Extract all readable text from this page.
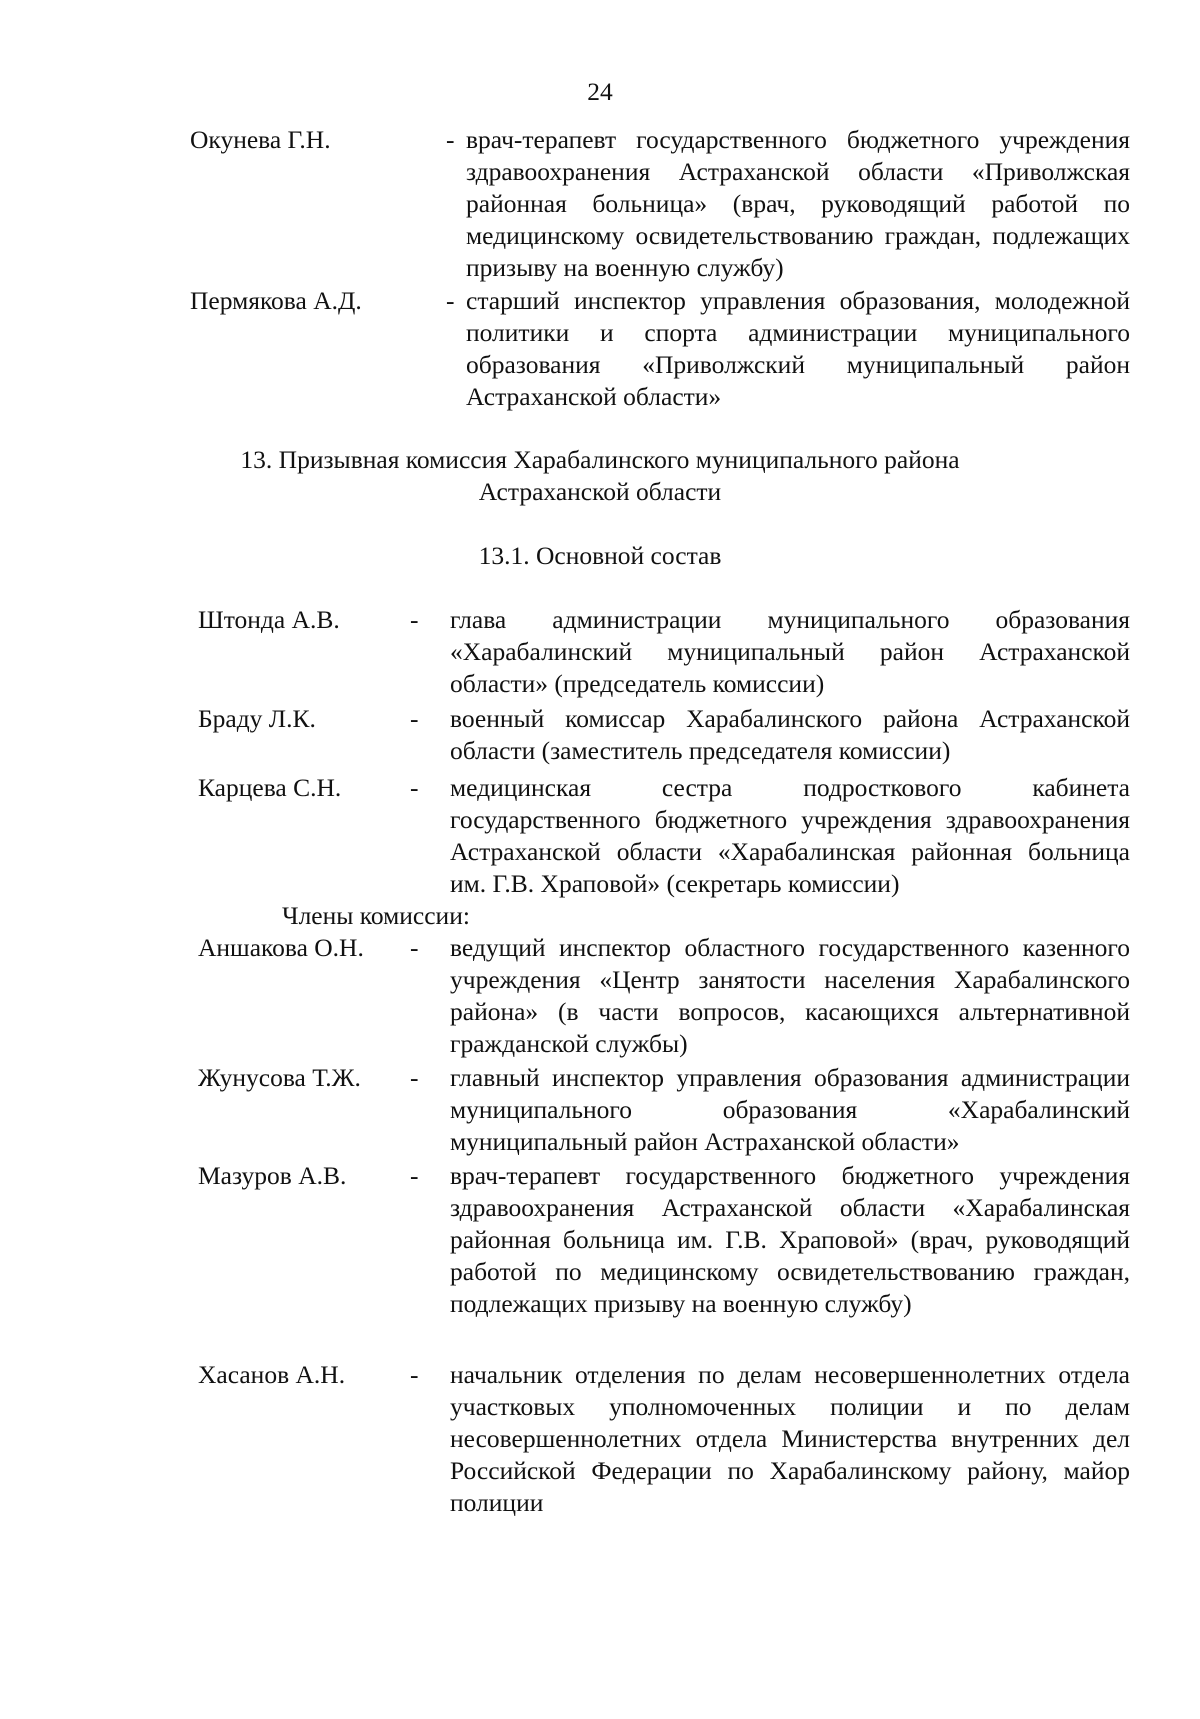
24
Окунева Г.Н.	- врач-терапевт государственного бюджетного учреждения здравоохранения Астраханской области «Приволжская районная больница» (врач, руководящий работой по медицинскому освидетельствованию граждан, подлежащих призыву на военную службу)
Пермякова А.Д.	- старший инспектор управления образования, молодежной политики и спорта администрации муниципального образования «Приволжский муниципальный район Астраханской области»
13. Призывная комиссия Харабалинского муниципального района
Астраханской области
13.1. Основной состав
Штонда А.В.	- глава администрации муниципального образования «Харабалинский муниципальный район Астраханской области» (председатель комиссии)
Браду Л.К.	- военный комиссар Харабалинского района Астраханской области (заместитель председателя комиссии)
Карцева С.Н.	- медицинская сестра подросткового кабинета государственного бюджетного учреждения здравоохранения Астраханской области «Харабалинская районная больница им. Г.В. Храповой» (секретарь комиссии)
Члены комиссии:
Аншакова О.Н. - ведущий инспектор областного государственного казенного учреждения «Центр занятости населения Харабалинского района» (в части вопросов, касающихся альтернативной гражданской службы)
Жунусова Т.Ж. - главный инспектор управления образования администрации муниципального образования «Харабалинский муниципальный район Астраханской области»
Мазуров А.В. - врач-терапевт государственного бюджетного учреждения здравоохранения Астраханской области «Харабалинская районная больница им. Г.В. Храповой» (врач, руководящий работой по медицинскому освидетельствованию граждан, подлежащих призыву на военную службу)
Хасанов А.Н.	- начальник отделения по делам несовершеннолетних отдела участковых уполномоченных полиции и по делам несовершеннолетних отдела Министерства внутренних дел Российской Федерации по Харабалинскому району, майор полиции
